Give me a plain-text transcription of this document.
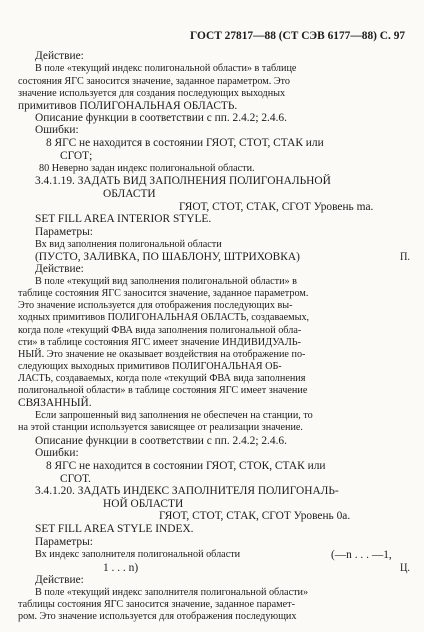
ГОСТ 27817—88 (СТ СЭВ 6177—88) С. 97
Действие:
В поле «текущий индекс полигональной области» в таблице
состояния ЯГС заносится значение, заданное параметром. Это
значение используется для создания последующих выходных
примитивов ПОЛИГОНАЛЬНАЯ ОБЛАСТЬ.
Описание функции в соответствии с пп. 2.4.2; 2.4.6.
Ошибки:
8 ЯГС не находится в состоянии ГЯОТ, СТОТ, СТАК или
СГОТ;
80 Неверно задан индекс полигональной области.
3.4.1.19. ЗАДАТЬ ВИД ЗАПОЛНЕНИЯ ПОЛИГОНАЛЬНОЙ
ОБЛАСТИ
ГЯОТ, СТОТ, СТАК, СГОТ Уровень ma.
SET FILL AREA INTERIOR STYLE.
Параметры:
Вх вид заполнения полигональной области
(ПУСТО, ЗАЛИВКА, ПО ШАБЛОНУ, ШТРИХОВКА)	П.
Действие:
В поле «текущий вид заполнения полигональной области» в
таблице состояния ЯГС заносится значение, заданное параметром.
Это значение используется для отображения последующих вы-
ходных примитивов ПОЛИГОНАЛЬНАЯ ОБЛАСТЬ, создаваемых,
когда поле «текущий ФВА вида заполнения полигональной обла-
сти» в таблице состояния ЯГС имеет значение ИНДИВИДУАЛЬ-
НЫЙ. Это значение не оказывает воздействия на отображение по-
следующих выходных примитивов ПОЛИГОНАЛЬНАЯ ОБ-
ЛАСТЬ, создаваемых, когда поле «текущий ФВА вида заполнения
полигональной области» в таблице состояния ЯГС имеет значение
СВЯЗАННЫЙ.
Если запрошенный вид заполнения не обеспечен на станции, то
на этой станции используется зависящее от реализации значение.
Описание функции в соответствии с пп. 2.4.2; 2.4.6.
Ошибки:
8 ЯГС не находится в состоянии ГЯОТ, СТОК, СТАК или
СГОТ.
3.4.1.20. ЗАДАТЬ ИНДЕКС ЗАПОЛНИТЕЛЯ ПОЛИГОНАЛЬ-
НОЙ ОБЛАСТИ
ГЯОТ, СТОТ, СТАК, СГОТ Уровень 0а.
SET FILL AREA STYLE INDEX.
Параметры:
Вх индекс заполнителя полигональной области	(—n . . . —1,
1 . . . n)	Ц.
Действие:
В поле «текущий индекс заполнителя полигональной области»
таблицы состояния ЯГС заносится значение, заданное парамет-
ром. Это значение используется для отображения последующих
